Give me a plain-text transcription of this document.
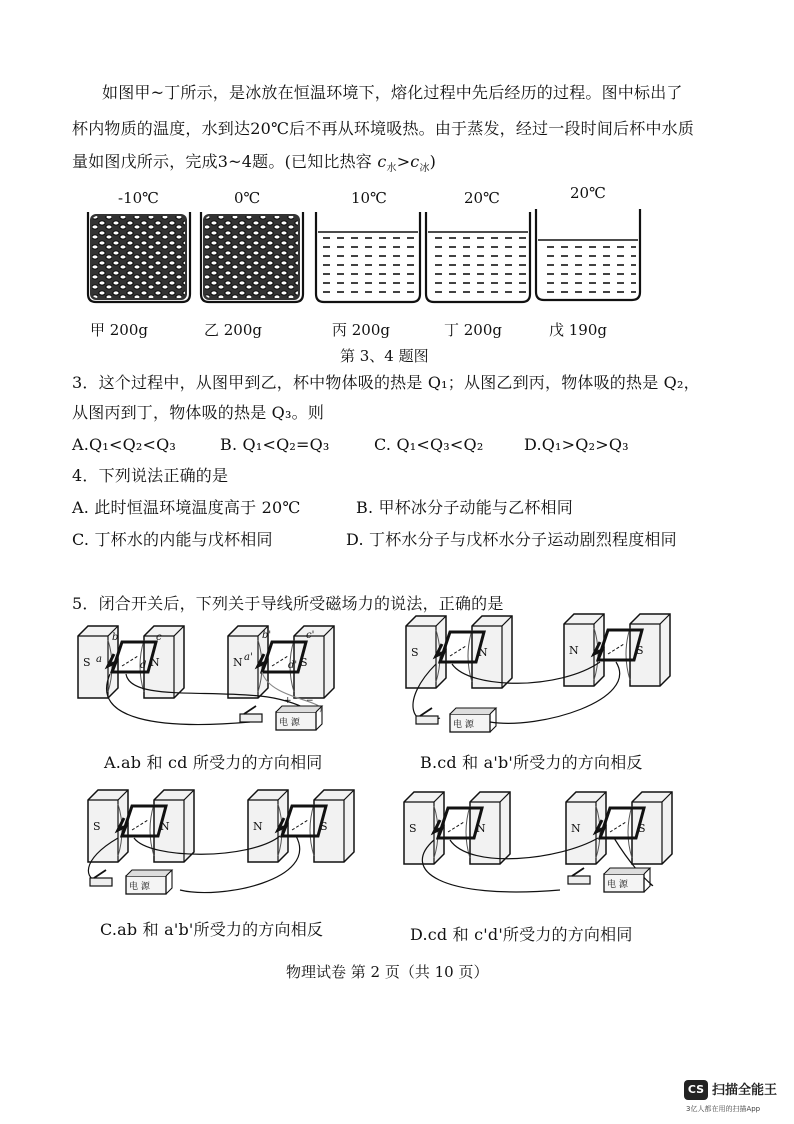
如图甲~丁所示，是冰放在恒温环境下，熔化过程中先后经历的过程。图中标出了
杯内物质的温度，水到达20℃后不再从环境吸热。由于蒸发，经过一段时间后杯中水质
量如图戊所示，完成3~4题。(已知比热容 $c_水>c_冰$)
-10℃	0℃	10℃	20℃	20℃
甲 200g	乙 200g	丙 200g	丁 200g	戊 190g
第 3、4 题图
3．这个过程中，从图甲到乙，杯中物体吸的热是 Q₁；从图乙到丙，物体吸的热是 Q₂，
从图丙到丁，物体吸的热是 Q₃。则
A.Q₁<Q₂<Q₃	B. Q₁<Q₂=Q₃	C. Q₁<Q₃<Q₂	D.Q₁>Q₂>Q₃
4．下列说法正确的是
A. 此时恒温环境温度高于 20℃	B. 甲杯冰分子动能与乙杯相同
C. 丁杯水的内能与戊杯相同	D. 丁杯水分子与戊杯水分子运动剧烈程度相同
5．闭合开关后，下列关于导线所受磁场力的说法，正确的是
S	N	N	S
S	N	N	S
S	N	N	S	S	N	N	S
b
a
c
d
b'
a'
c'
d'
电 源	电 源
电 源	电 源
+ −
A.ab 和 cd 所受力的方向相同	B.cd 和 a'b'所受力的方向相反
C.ab 和 a'b'所受力的方向相反	D.cd 和 c'd'所受力的方向相同
物理试卷 第 2 页（共 10 页）
CS 扫描全能王
3亿人都在用的扫描App
